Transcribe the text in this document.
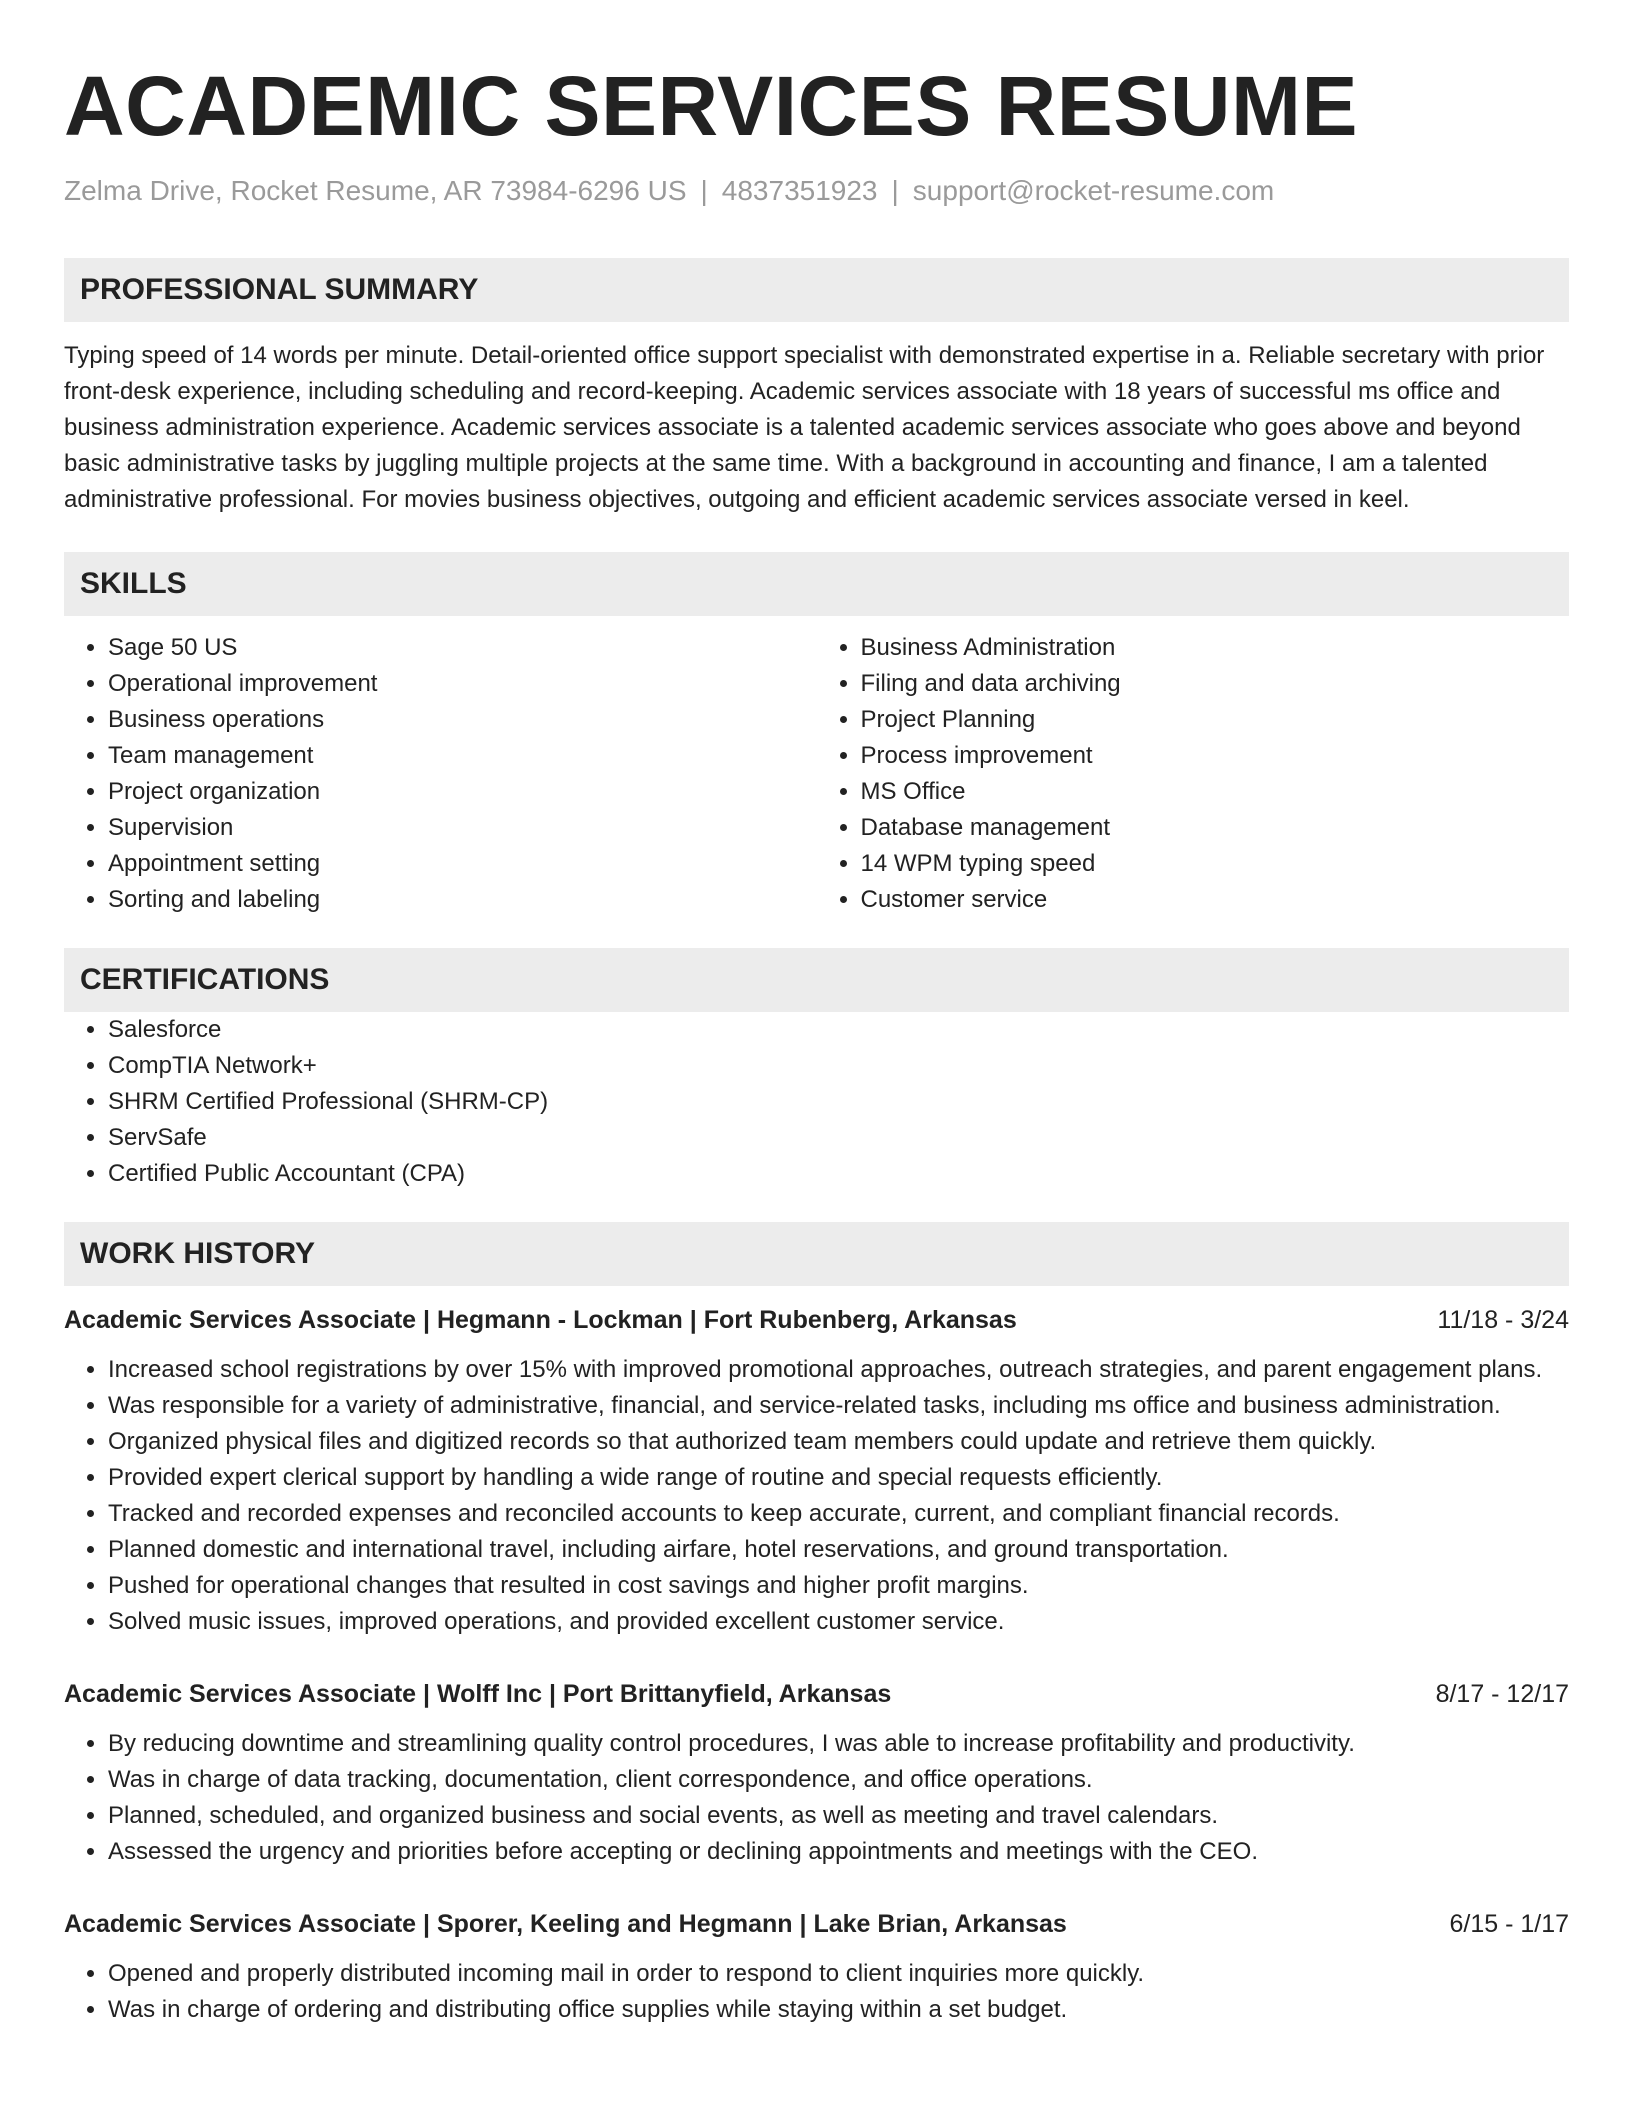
ACADEMIC SERVICES RESUME
Zelma Drive, Rocket Resume, AR 73984-6296 US | 4837351923 | support@rocket-resume.com
PROFESSIONAL SUMMARY

Typing speed of 14 words per minute. Detail-oriented office support specialist with demonstrated expertise in a. Reliable secretary with prior front-desk experience, including scheduling and record-keeping. Academic services associate with 18 years of successful ms office and business administration experience. Academic services associate is a talented academic services associate who goes above and beyond basic administrative tasks by juggling multiple projects at the same time. With a background in accounting and finance, I am a talented administrative professional. For movies business objectives, outgoing and efficient academic services associate versed in keel.

SKILLS
• Sage 50 US
• Operational improvement
• Business operations
• Team management
• Project organization
• Supervision
• Appointment setting
• Sorting and labeling
• Business Administration
• Filing and data archiving
• Project Planning
• Process improvement
• MS Office
• Database management
• 14 WPM typing speed
• Customer service
CERTIFICATIONS
• Salesforce
• CompTIA Network+
• SHRM Certified Professional (SHRM-CP)
• ServSafe
• Certified Public Accountant (CPA)
WORK HISTORY
Academic Services Associate | Hegmann - Lockman | Fort Rubenberg, Arkansas	11/18 - 3/24
• Increased school registrations by over 15% with improved promotional approaches, outreach strategies, and parent engagement plans.
• Was responsible for a variety of administrative, financial, and service-related tasks, including ms office and business administration.
• Organized physical files and digitized records so that authorized team members could update and retrieve them quickly.
• Provided expert clerical support by handling a wide range of routine and special requests efficiently.
• Tracked and recorded expenses and reconciled accounts to keep accurate, current, and compliant financial records.
• Planned domestic and international travel, including airfare, hotel reservations, and ground transportation.
• Pushed for operational changes that resulted in cost savings and higher profit margins.
• Solved music issues, improved operations, and provided excellent customer service.
Academic Services Associate | Wolff Inc | Port Brittanyfield, Arkansas	8/17 - 12/17
• By reducing downtime and streamlining quality control procedures, I was able to increase profitability and productivity.
• Was in charge of data tracking, documentation, client correspondence, and office operations.
• Planned, scheduled, and organized business and social events, as well as meeting and travel calendars.
• Assessed the urgency and priorities before accepting or declining appointments and meetings with the CEO.
Academic Services Associate | Sporer, Keeling and Hegmann | Lake Brian, Arkansas	6/15 - 1/17
• Opened and properly distributed incoming mail in order to respond to client inquiries more quickly.
• Was in charge of ordering and distributing office supplies while staying within a set budget.
